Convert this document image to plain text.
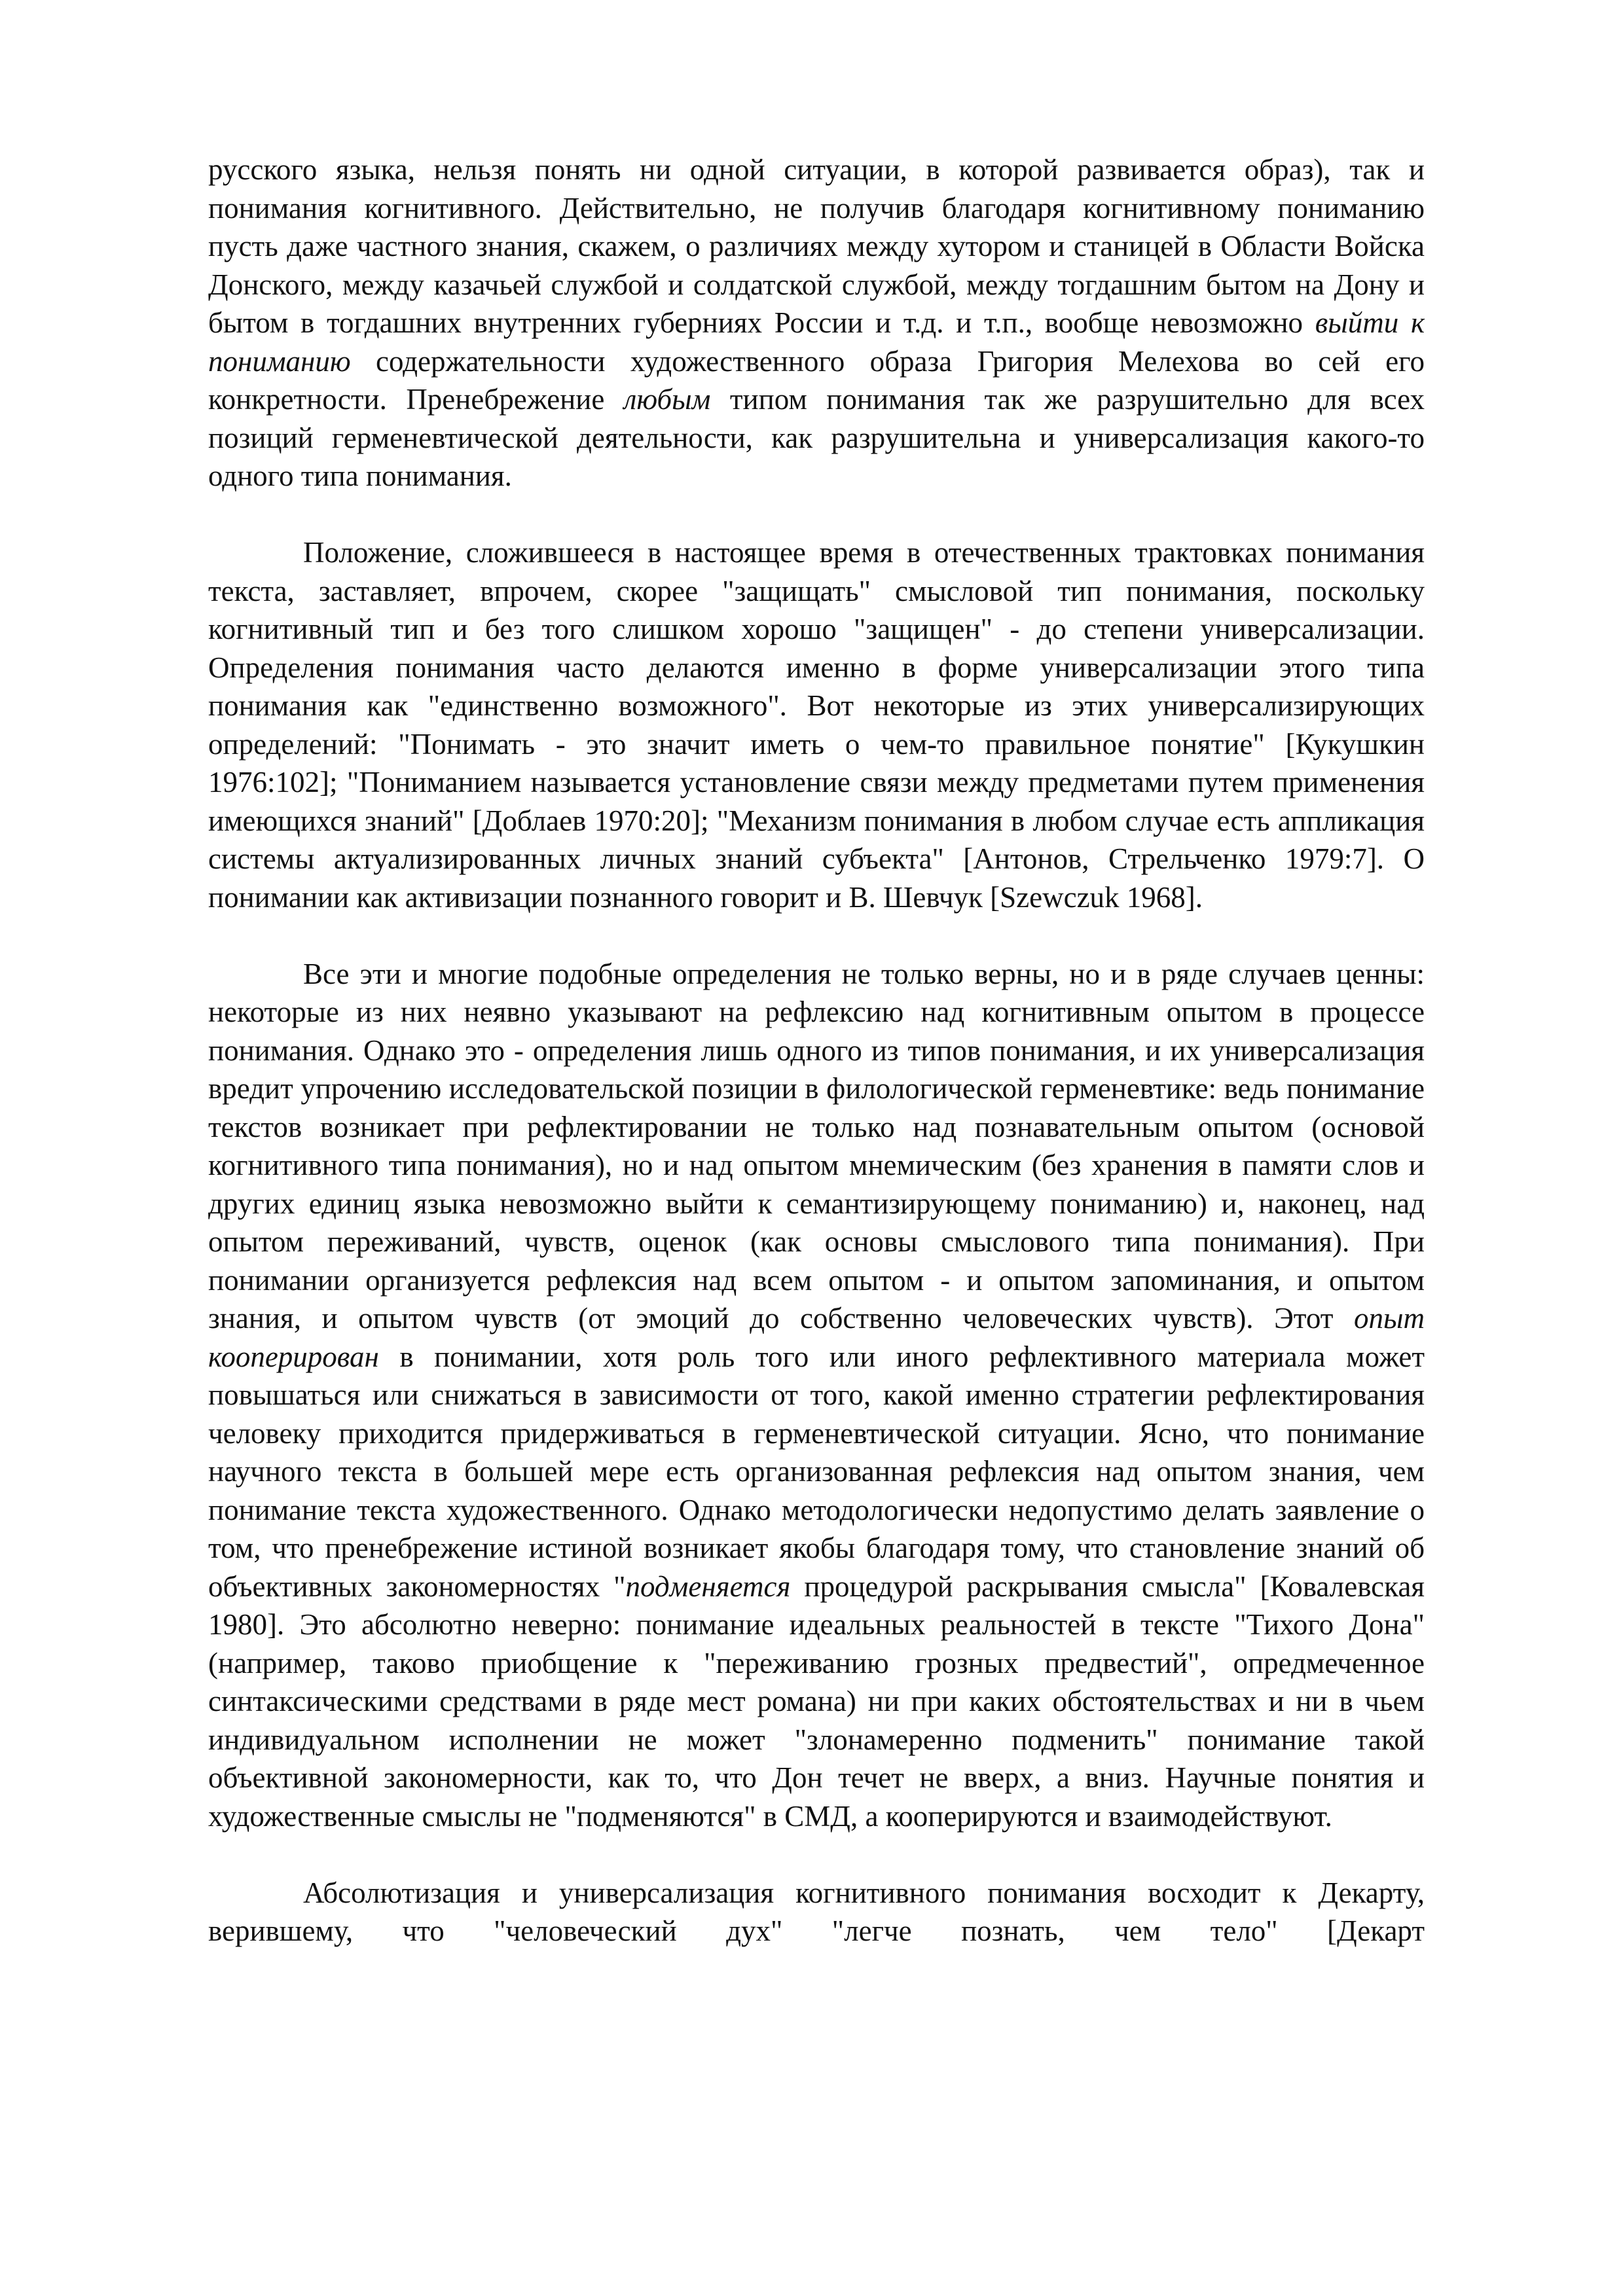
русского языка, нельзя понять ни одной ситуации, в которой развивается образ), так и понимания когнитивного. Действительно, не получив благодаря когнитивному пониманию пусть даже частного знания, скажем, о различиях между хутором и станицей в Области Войска Донского, между казачьей службой и солдатской службой, между тогдашним бытом на Дону и бытом в тогдашних внутренних губерниях России и т.д. и т.п., вообще невозможно выйти к пониманию содержательности художественного образа Григория Мелехова во сей его конкретности. Пренебрежение любым типом понимания так же разрушительно для всех позиций герменевтической деятельности, как разрушительна и универсализация какого-то одного типа понимания.

Положение, сложившееся в настоящее время в отечественных трактовках понимания текста, заставляет, впрочем, скорее "защищать" смысловой тип понимания, поскольку когнитивный тип и без того слишком хорошо "защищен" - до степени универсализации. Определения понимания часто делаются именно в форме универсализации этого типа понимания как "единственно возможного". Вот некоторые из этих универсализирующих определений: "Понимать - это значит иметь о чем-то правильное понятие" [Кукушкин 1976:102]; "Пониманием называется установление связи между предметами путем применения имеющихся знаний" [Доблаев 1970:20]; "Механизм понимания в любом случае есть аппликация системы актуализированных личных знаний субъекта" [Антонов, Стрельченко 1979:7]. О понимании как активизации познанного говорит и В. Шевчук [Szewczuk 1968].

Все эти и многие подобные определения не только верны, но и в ряде случаев ценны: некоторые из них неявно указывают на рефлексию над когнитивным опытом в процессе понимания. Однако это - определения лишь одного из типов понимания, и их универсализация вредит упрочению исследовательской позиции в филологической герменевтике: ведь понимание текстов возникает при рефлектировании не только над познавательным опытом (основой когнитивного типа понимания), но и над опытом мнемическим (без хранения в памяти слов и других единиц языка невозможно выйти к семантизирующему пониманию) и, наконец, над опытом переживаний, чувств, оценок (как основы смыслового типа понимания). При понимании организуется рефлексия над всем опытом - и опытом запоминания, и опытом знания, и опытом чувств (от эмоций до собственно человеческих чувств). Этот опыт кооперирован в понимании, хотя роль того или иного рефлективного материала может повышаться или снижаться в зависимости от того, какой именно стратегии рефлектирования человеку приходится придерживаться в герменевтической ситуации. Ясно, что понимание научного текста в большей мере есть организованная рефлексия над опытом знания, чем понимание текста художественного. Однако методологически недопустимо делать заявление о том, что пренебрежение истиной возникает якобы благодаря тому, что становление знаний об объективных закономерностях "подменяется процедурой раскрывания смысла" [Ковалевская 1980]. Это абсолютно неверно: понимание идеальных реальностей в тексте "Тихого Дона" (например, таково приобщение к "переживанию грозных предвестий", опредмеченное синтаксическими средствами в ряде мест романа) ни при каких обстоятельствах и ни в чьем индивидуальном исполнении не может "злонамеренно подменить" понимание такой объективной закономерности, как то, что Дон течет не вверх, а вниз. Научные понятия и художественные смыслы не "подменяются" в СМД, а кооперируются и взаимодействуют.

Абсолютизация и универсализация когнитивного понимания восходит к Декарту, верившему, что "человеческий дух" "легче познать, чем тело" [Декарт
